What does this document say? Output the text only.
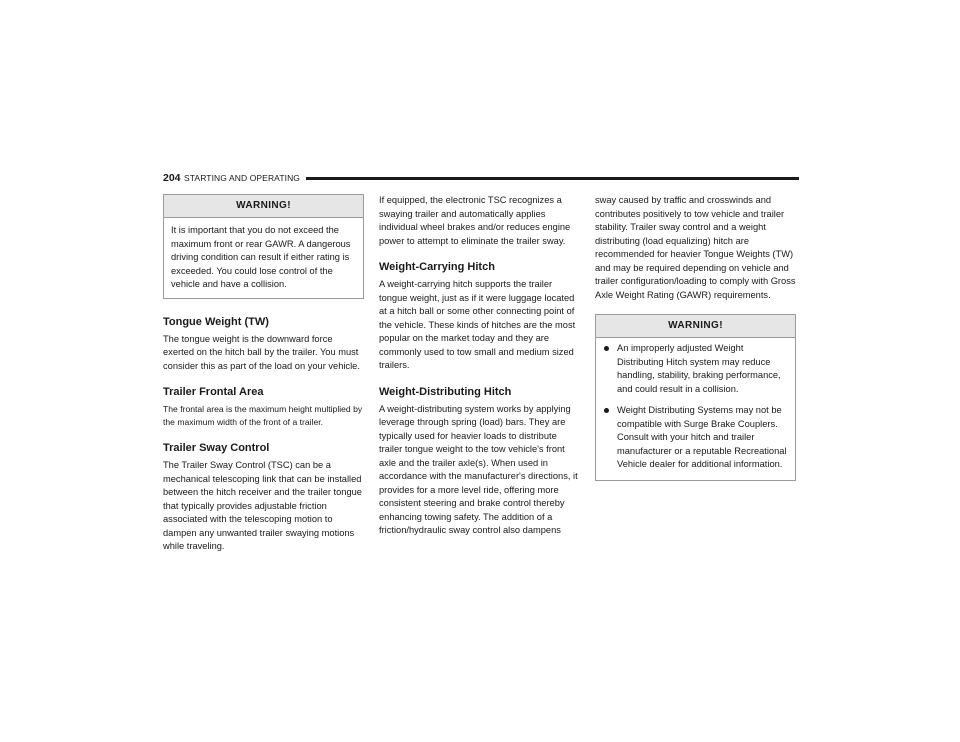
204 STARTING AND OPERATING
WARNING!
It is important that you do not exceed the maximum front or rear GAWR. A dangerous driving condition can result if either rating is exceeded. You could lose control of the vehicle and have a collision.
Tongue Weight (TW)

The tongue weight is the downward force exerted on the hitch ball by the trailer. You must consider this as part of the load on your vehicle.

Trailer Frontal Area

The frontal area is the maximum height multiplied by the maximum width of the front of a trailer.

Trailer Sway Control

The Trailer Sway Control (TSC) can be a mechanical telescoping link that can be installed between the hitch receiver and the trailer tongue that typically provides adjustable friction associated with the telescoping motion to dampen any unwanted trailer swaying motions while traveling.

If equipped, the electronic TSC recognizes a swaying trailer and automatically applies individual wheel brakes and/or reduces engine power to attempt to eliminate the trailer sway.

Weight-Carrying Hitch

A weight-carrying hitch supports the trailer tongue weight, just as if it were luggage located at a hitch ball or some other connecting point of the vehicle. These kinds of hitches are the most popular on the market today and they are commonly used to tow small and medium sized trailers.

Weight-Distributing Hitch

A weight-distributing system works by applying leverage through spring (load) bars. They are typically used for heavier loads to distribute trailer tongue weight to the tow vehicle's front axle and the trailer axle(s). When used in accordance with the manufacturer's directions, it provides for a more level ride, offering more consistent steering and brake control thereby enhancing towing safety. The addition of a friction/hydraulic sway control also dampens

sway caused by traffic and crosswinds and contributes positively to tow vehicle and trailer stability. Trailer sway control and a weight distributing (load equalizing) hitch are recommended for heavier Tongue Weights (TW) and may be required depending on vehicle and trailer configuration/loading to comply with Gross Axle Weight Rating (GAWR) requirements.

WARNING!
An improperly adjusted Weight Distributing Hitch system may reduce handling, stability, braking performance, and could result in a collision.
Weight Distributing Systems may not be compatible with Surge Brake Couplers. Consult with your hitch and trailer manufacturer or a reputable Recreational Vehicle dealer for additional information.
